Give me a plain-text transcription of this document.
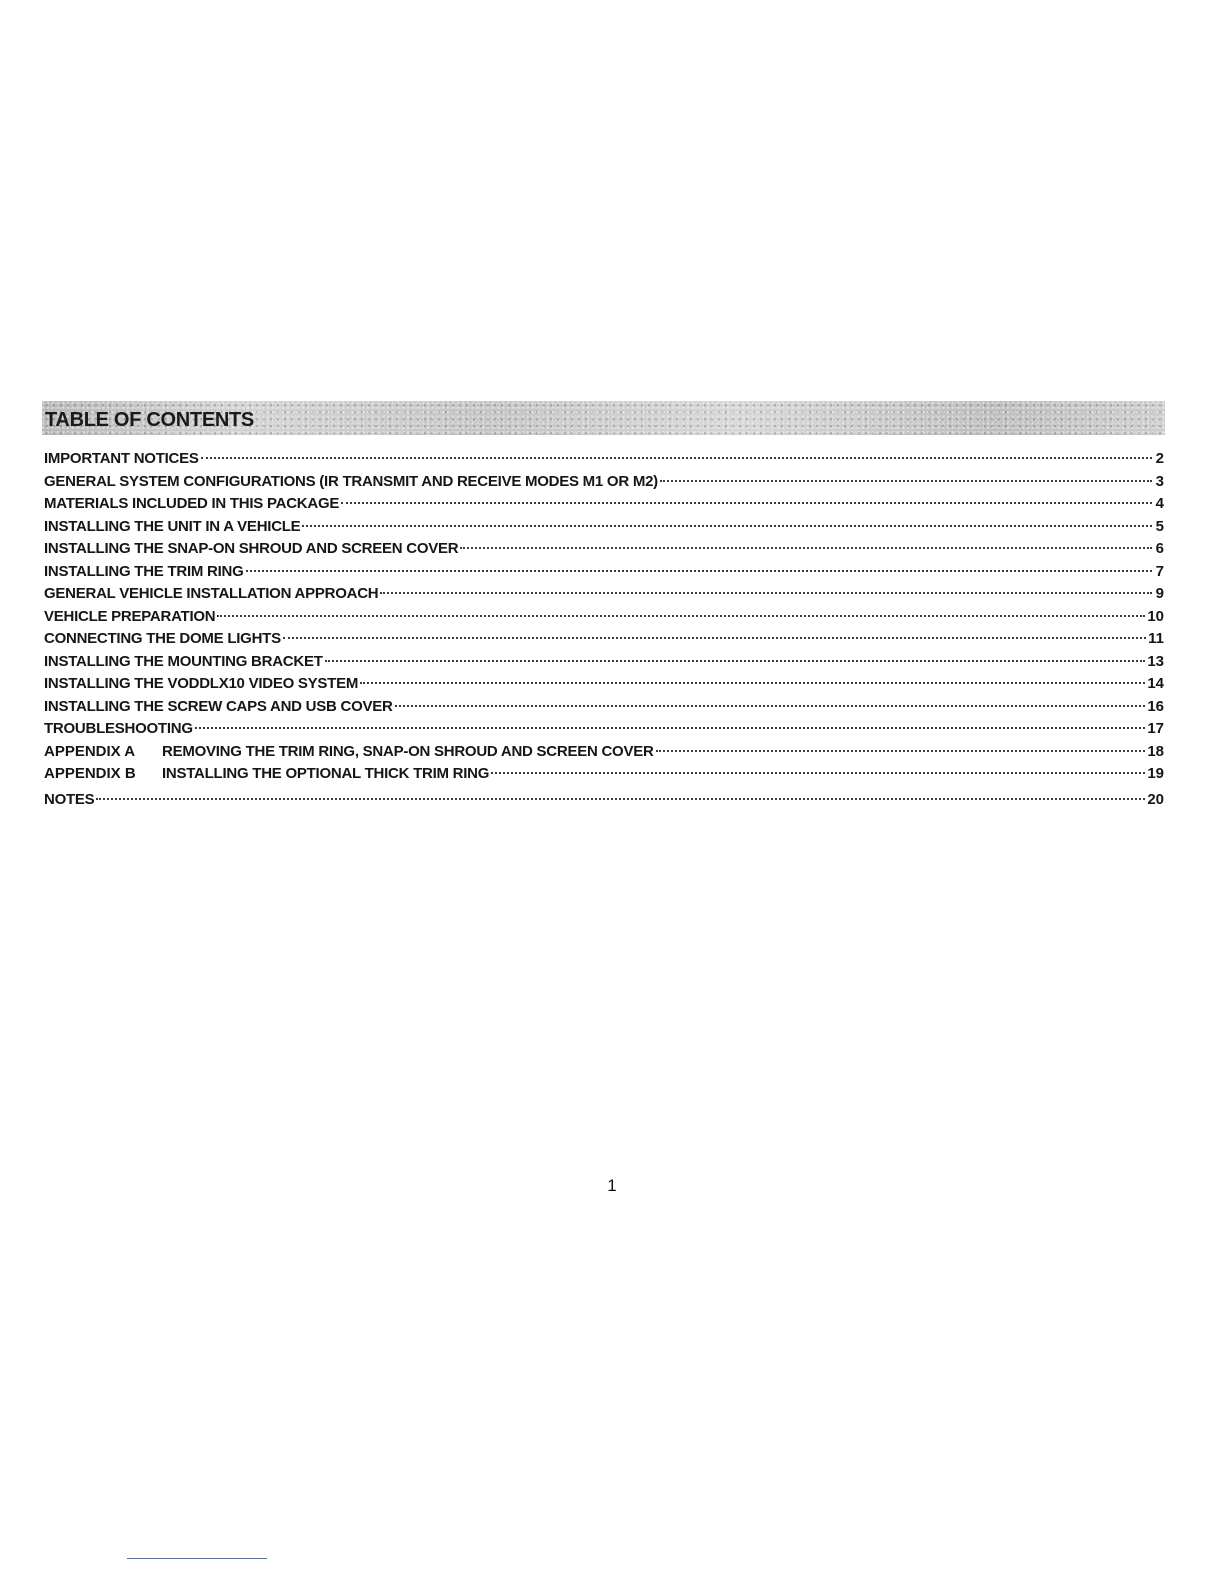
TABLE OF CONTENTS
IMPORTANT NOTICES	2
GENERAL SYSTEM CONFIGURATIONS (IR TRANSMIT AND RECEIVE MODES M1 OR M2)	3
MATERIALS INCLUDED IN THIS PACKAGE	4
INSTALLING THE UNIT IN A VEHICLE	5
INSTALLING THE SNAP-ON SHROUD AND SCREEN COVER	6
INSTALLING THE TRIM RING	7
GENERAL VEHICLE INSTALLATION APPROACH	9
VEHICLE PREPARATION	10
CONNECTING THE DOME LIGHTS	11
INSTALLING THE MOUNTING BRACKET	13
INSTALLING THE VODDLX10 VIDEO SYSTEM	14
INSTALLING THE SCREW CAPS AND USB COVER	16
TROUBLESHOOTING	17
APPENDIX A	REMOVING THE TRIM RING, SNAP-ON SHROUD AND SCREEN COVER	18
APPENDIX B	INSTALLING THE OPTIONAL THICK TRIM RING	19
NOTES	20
1
